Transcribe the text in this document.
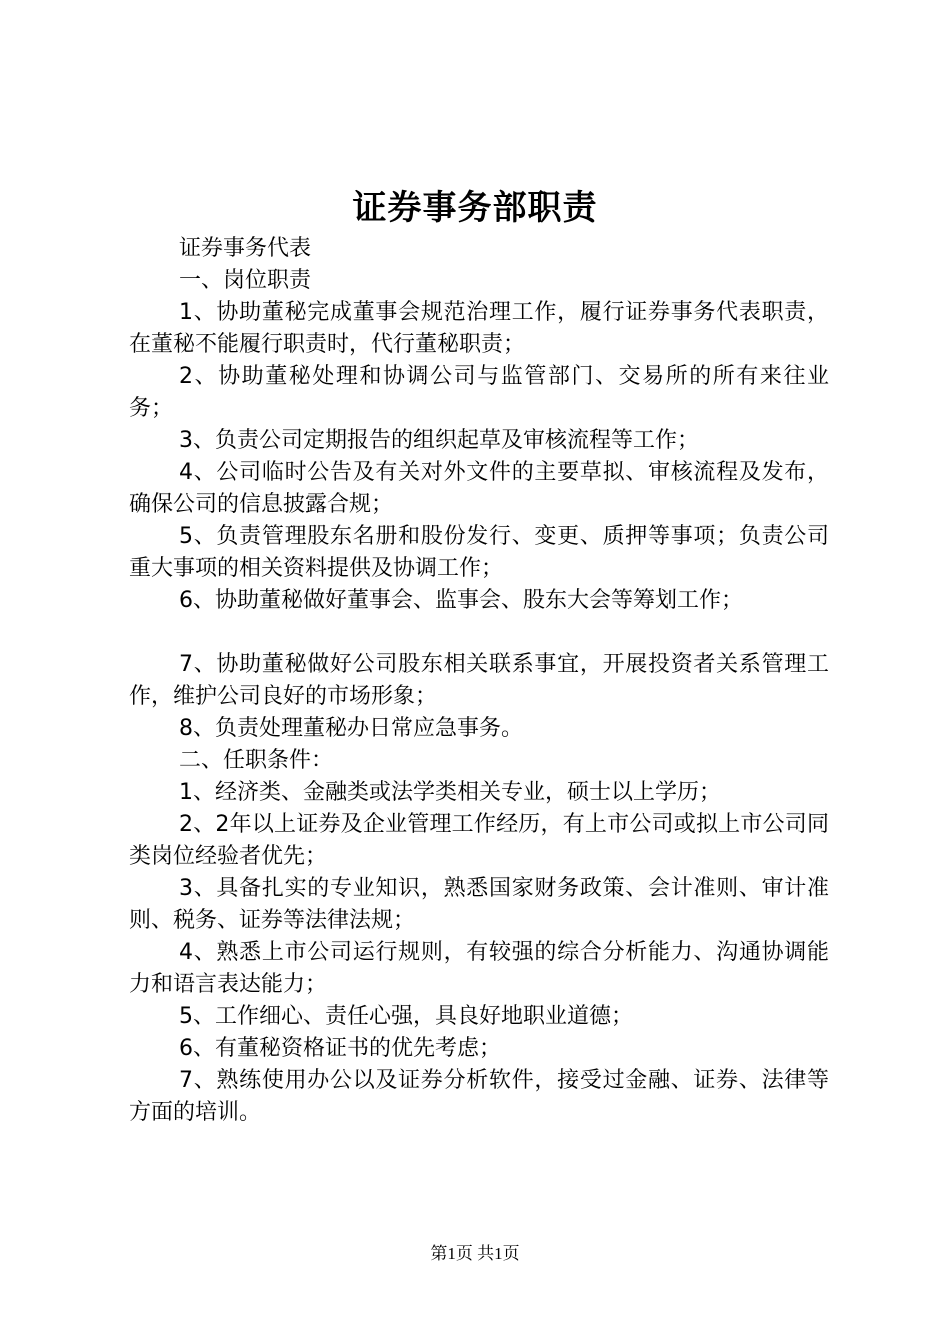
证券事务部职责

证券事务代表

一、岗位职责

1、协助董秘完成董事会规范治理工作，履行证券事务代表职责，在董秘不能履行职责时，代行董秘职责；

2、协助董秘处理和协调公司与监管部门、交易所的所有来往业务；

3、负责公司定期报告的组织起草及审核流程等工作；

4、公司临时公告及有关对外文件的主要草拟、审核流程及发布，确保公司的信息披露合规；

5、负责管理股东名册和股份发行、变更、质押等事项；负责公司重大事项的相关资料提供及协调工作；

6、协助董秘做好董事会、监事会、股东大会等筹划工作；

7、协助董秘做好公司股东相关联系事宜，开展投资者关系管理工作，维护公司良好的市场形象；

8、负责处理董秘办日常应急事务。

二、任职条件：

1、经济类、金融类或法学类相关专业，硕士以上学历；

2、2年以上证券及企业管理工作经历，有上市公司或拟上市公司同类岗位经验者优先；

3、具备扎实的专业知识，熟悉国家财务政策、会计准则、审计准则、税务、证券等法律法规；

4、熟悉上市公司运行规则，有较强的综合分析能力、沟通协调能力和语言表达能力；

5、工作细心、责任心强，具良好地职业道德；

6、有董秘资格证书的优先考虑；

7、熟练使用办公以及证券分析软件，接受过金融、证券、法律等方面的培训。

第1页 共1页
